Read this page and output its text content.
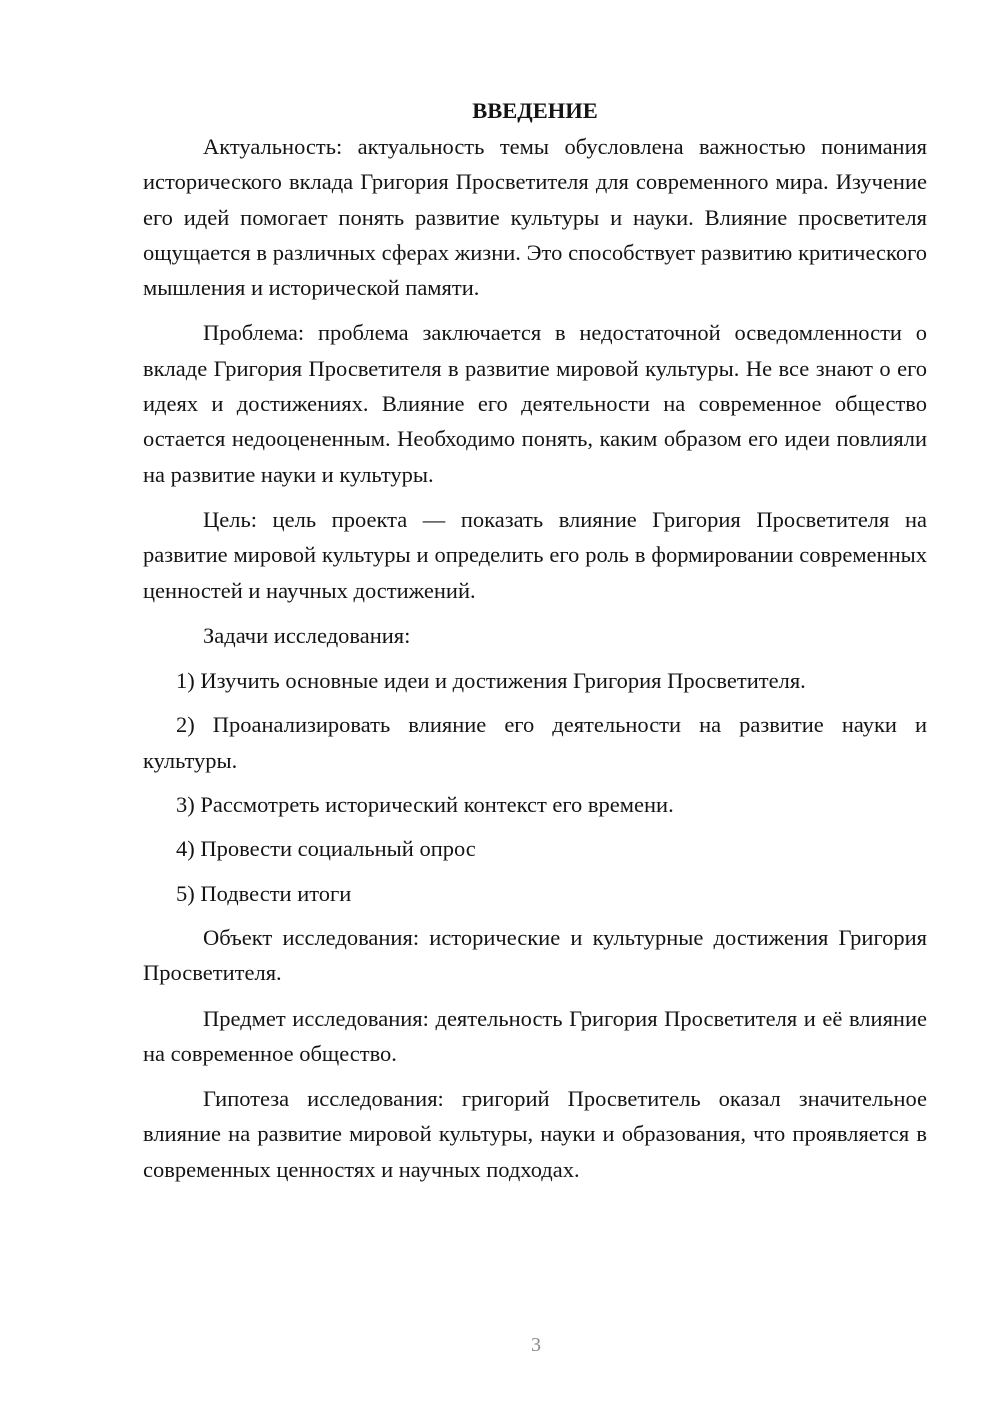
ВВЕДЕНИЕ

Актуальность: актуальность темы обусловлена важностью понимания исторического вклада Григория Просветителя для современного мира. Изучение его идей помогает понять развитие культуры и науки. Влияние просветителя ощущается в различных сферах жизни. Это способствует развитию критического мышления и исторической памяти.

Проблема: проблема заключается в недостаточной осведомленности о вкладе Григория Просветителя в развитие мировой культуры. Не все знают о его идеях и достижениях. Влияние его деятельности на современное общество остается недооцененным. Необходимо понять, каким образом его идеи повлияли на развитие науки и культуры.

Цель: цель проекта — показать влияние Григория Просветителя на развитие мировой культуры и определить его роль в формировании современных ценностей и научных достижений.

Задачи исследования:

1) Изучить основные идеи и достижения Григория Просветителя.

2) Проанализировать влияние его деятельности на развитие науки и культуры.

3) Рассмотреть исторический контекст его времени.

4) Провести социальный опрос

5) Подвести итоги

Объект исследования: исторические и культурные достижения Григория Просветителя.

Предмет исследования: деятельность Григория Просветителя и её влияние на современное общество.

Гипотеза исследования: григорий Просветитель оказал значительное влияние на развитие мировой культуры, науки и образования, что проявляется в современных ценностях и научных подходах.

3
